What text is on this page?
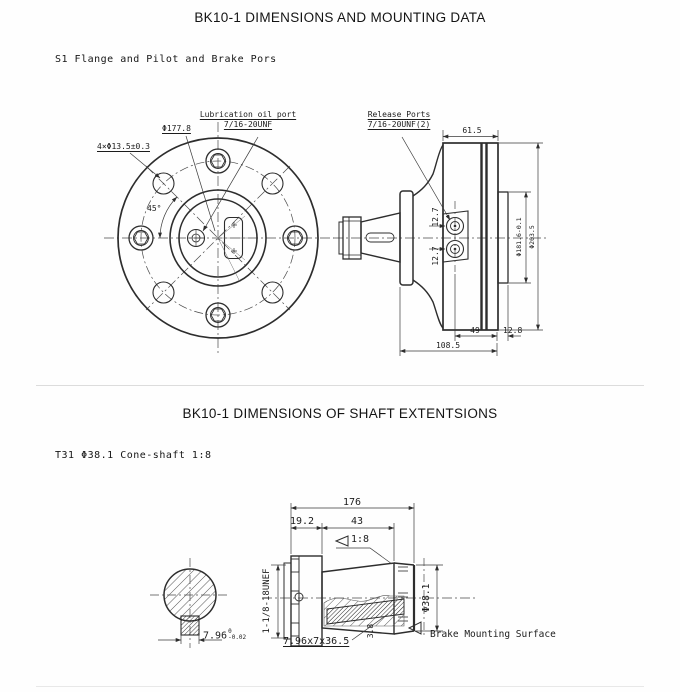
BK10-1 DIMENSIONS AND MOUNTING DATA
S1 Flange and Pilot and Brake Pors
Lubrication oil port
7/16-20UNF
Φ177.8
4×Φ13.5±0.3
45°
Release Ports
7/16-20UNF(2)
61.5
12.7
12.7	Φ181.6-0.1 Φ203.5
49	12.8
108.5
BK10-1 DIMENSIONS OF SHAFT EXTENTSIONS
T31 Φ38.1 Cone-shaft 1:8
176
19.2	43
1:8
1-1/8-18UNEF	Φ38.1
3.8
7.96x7x36.5
Brake Mounting Surface
7.96 0
-0.02
